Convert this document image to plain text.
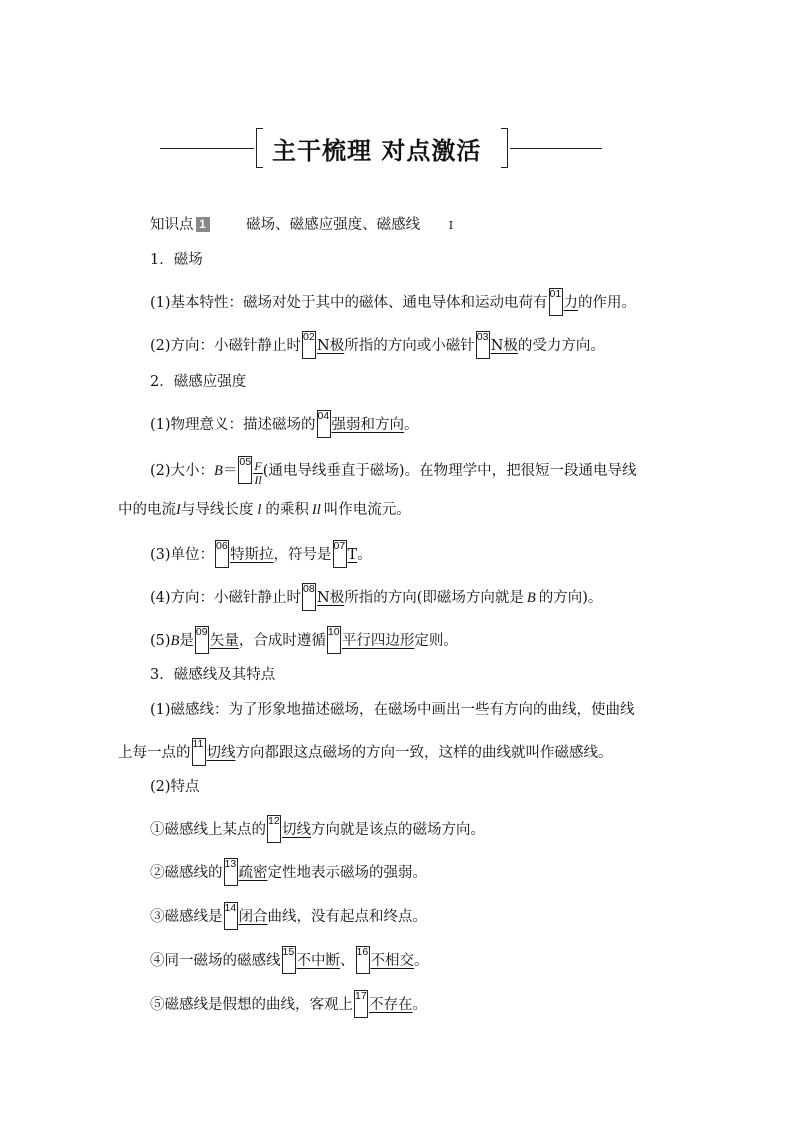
主干梳理 对点激活
知识点 1	磁场、磁感应强度、磁感线	Ⅰ
1．磁场
(1)基本特性：磁场对处于其中的磁体、通电导体和运动电荷有
01
力的作用。
(2)方向：小磁针静止时
02
N极所指的方向或小磁针
03
N极的受力方向。
2．磁感应强度
(1)物理意义：描述磁场的
04
强弱和方向。
(2)大小：B＝
$05 \frac{F}{Il}$ (通电导线垂直于磁场)。在物理学中，把很短一段通电导线
中的电流I与导线长度 l 的乘积 Il 叫作电流元。
(3)单位：
06
特斯拉，符号是
07
T。
(4)方向：小磁针静止时
08
N极所指的方向(即磁场方向就是 B 的方向)。
(5)B是
09
矢量，合成时遵循
10
平行四边形定则。
3．磁感线及其特点
(1)磁感线：为了形象地描述磁场，在磁场中画出一些有方向的曲线，使曲线
上每一点的
11
切线方向都跟这点磁场的方向一致，这样的曲线就叫作磁感线。
(2)特点
①磁感线上某点的
12
切线方向就是该点的磁场方向。
②磁感线的
13
疏密定性地表示磁场的强弱。
③磁感线是
14
闭合曲线，没有起点和终点。
④同一磁场的磁感线
15
不中断、
16
不相交。
⑤磁感线是假想的曲线，客观上
17
不存在。
